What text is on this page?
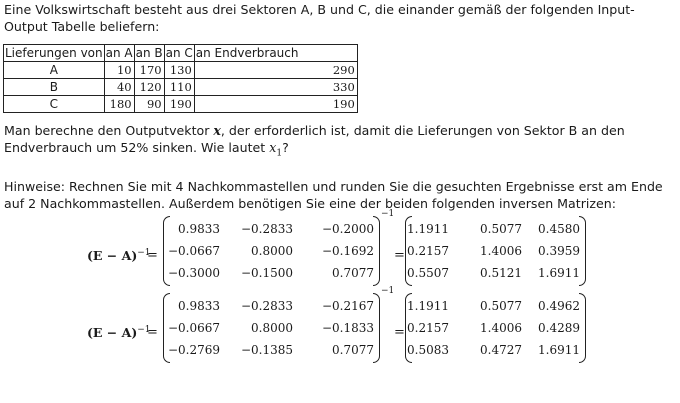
Eine Volkswirtschaft besteht aus drei Sektoren A, B und C, die einander gemäß der folgenden Input-Output Tabelle beliefern:
Lieferungen von	an A	an B	an C	an Endverbrauch
A	10	170	130	290
B	40	120	110	330
C	180	90	190	190
Man berechne den Outputvektor x, der erforderlich ist, damit die Lieferungen von Sektor B an den Endverbrauch um 52% sinken. Wie lautet $x_1$?
Hinweise: Rechnen Sie mit 4 Nachkommastellen und runden Sie die gesuchten Ergebnisse erst am Ende auf 2 Nachkommastellen. Außerdem benötigen Sie eine der beiden folgenden inversen Matrizen:
$(E - A)^{-1}$
=
0.9833 −0.2833 −0.2000
−0.0667	0.8000 −0.1692
−0.3000 −0.1500	0.7077
−1
=
1.1911	0.5077 0.4580
0.2157	1.4006 0.3959
0.5507	0.5121 1.6911
$(E - A)^{-1}$
=
0.9833 −0.2833 −0.2167
−0.0667	0.8000 −0.1833
−0.2769 −0.1385	0.7077
−1
=
1.1911	0.5077 0.4962
0.2157	1.4006 0.4289
0.5083	0.4727 1.6911
